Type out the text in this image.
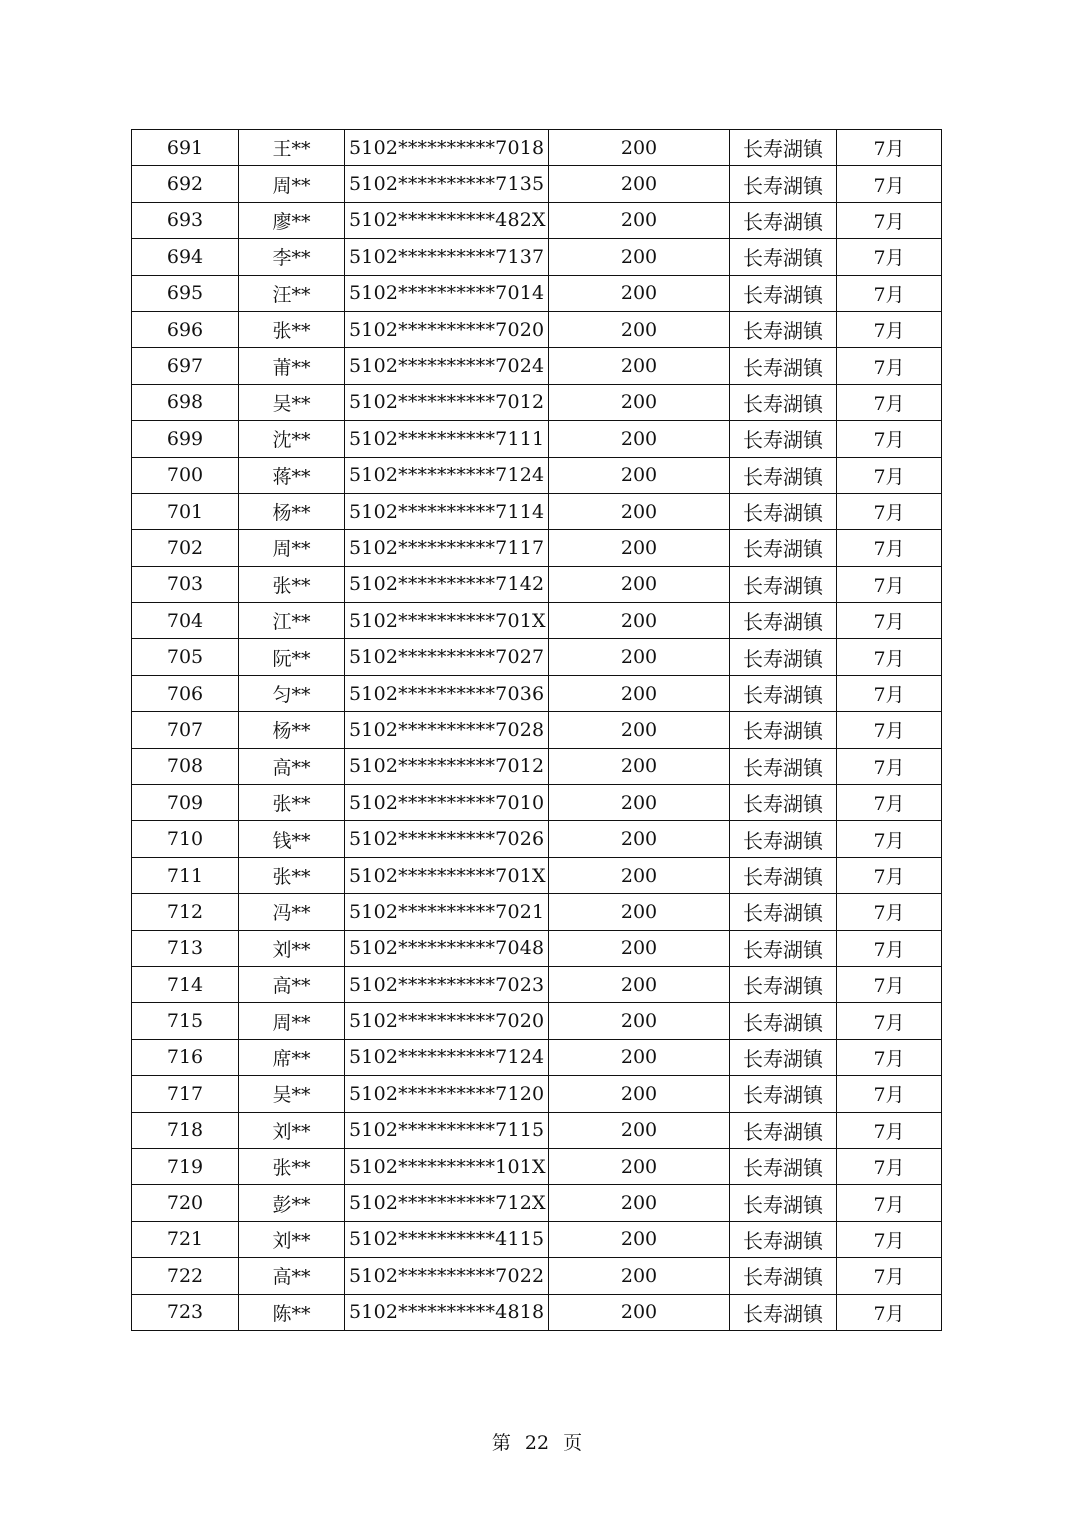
691	王**	5102**********7018	200	长寿湖镇	7月
692	周**	5102**********7135	200	长寿湖镇	7月
693	廖**	5102**********482X	200	长寿湖镇	7月
694	李**	5102**********7137	200	长寿湖镇	7月
695	汪**	5102**********7014	200	长寿湖镇	7月
696	张**	5102**********7020	200	长寿湖镇	7月
697	莆**	5102**********7024	200	长寿湖镇	7月
698	吴**	5102**********7012	200	长寿湖镇	7月
699	沈**	5102**********7111	200	长寿湖镇	7月
700	蒋**	5102**********7124	200	长寿湖镇	7月
701	杨**	5102**********7114	200	长寿湖镇	7月
702	周**	5102**********7117	200	长寿湖镇	7月
703	张**	5102**********7142	200	长寿湖镇	7月
704	江**	5102**********701X	200	长寿湖镇	7月
705	阮**	5102**********7027	200	长寿湖镇	7月
706	匀**	5102**********7036	200	长寿湖镇	7月
707	杨**	5102**********7028	200	长寿湖镇	7月
708	高**	5102**********7012	200	长寿湖镇	7月
709	张**	5102**********7010	200	长寿湖镇	7月
710	钱**	5102**********7026	200	长寿湖镇	7月
711	张**	5102**********701X	200	长寿湖镇	7月
712	冯**	5102**********7021	200	长寿湖镇	7月
713	刘**	5102**********7048	200	长寿湖镇	7月
714	高**	5102**********7023	200	长寿湖镇	7月
715	周**	5102**********7020	200	长寿湖镇	7月
716	席**	5102**********7124	200	长寿湖镇	7月
717	吴**	5102**********7120	200	长寿湖镇	7月
718	刘**	5102**********7115	200	长寿湖镇	7月
719	张**	5102**********101X	200	长寿湖镇	7月
720	彭**	5102**********712X	200	长寿湖镇	7月
721	刘**	5102**********4115	200	长寿湖镇	7月
722	高**	5102**********7022	200	长寿湖镇	7月
723	陈**	5102**********4818	200	长寿湖镇	7月
第 22 页
